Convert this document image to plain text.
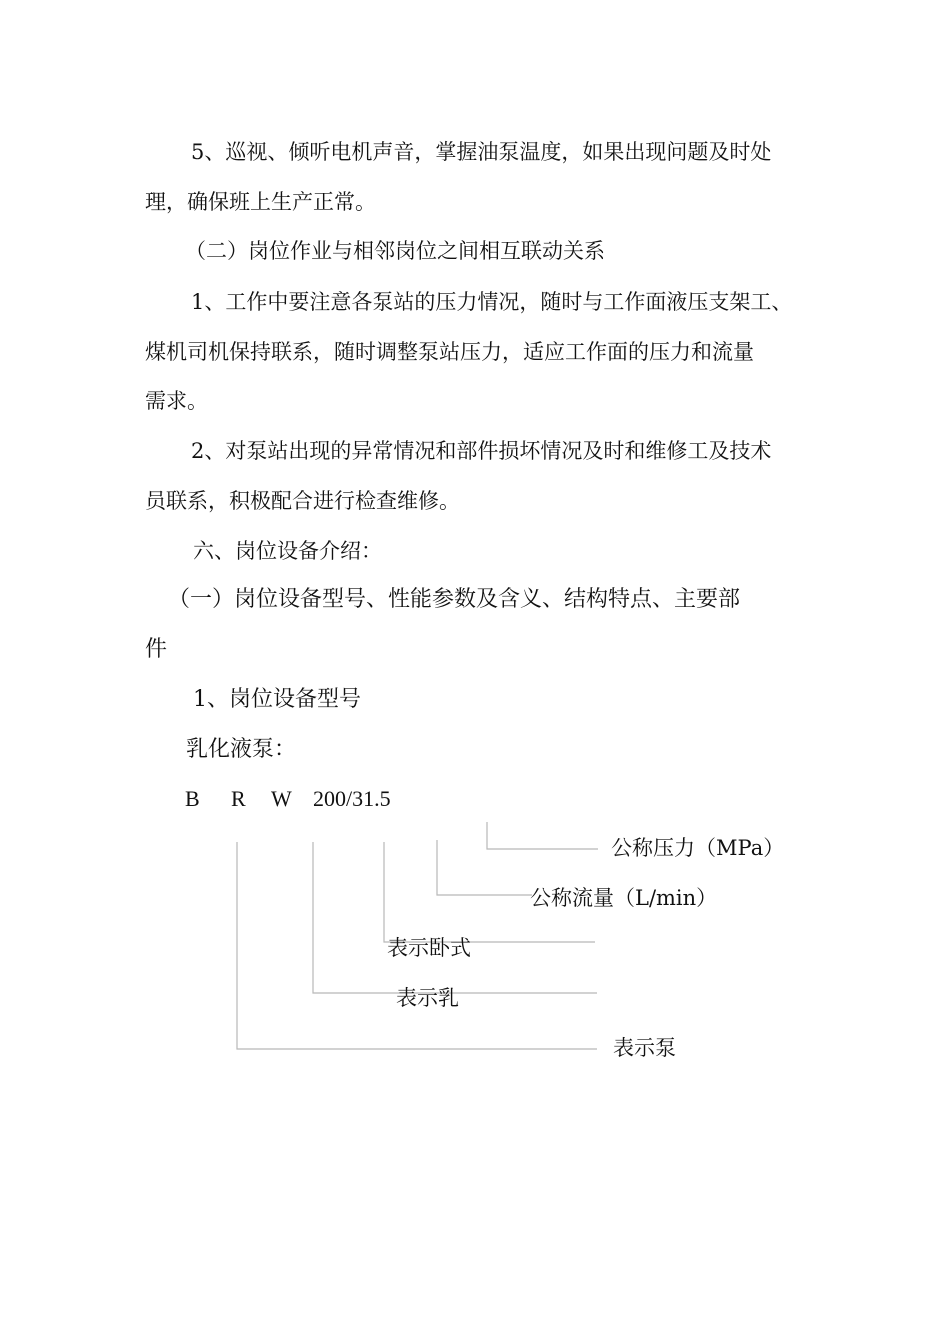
5、巡视、倾听电机声音，掌握油泵温度，如果出现问题及时处
理，确保班上生产正常。
（二）岗位作业与相邻岗位之间相互联动关系
1、工作中要注意各泵站的压力情况，随时与工作面液压支架工、
煤机司机保持联系，随时调整泵站压力，适应工作面的压力和流量
需求。
2、对泵站出现的异常情况和部件损坏情况及时和维修工及技术
员联系，积极配合进行检查维修。
六、岗位设备介绍：
（一）岗位设备型号、性能参数及含义、结构特点、主要部
件
1、岗位设备型号
乳化液泵：
B R W 200/31.5
公称压力（MPa）
公称流量（L/min）
表示卧式
表示乳
表示泵
